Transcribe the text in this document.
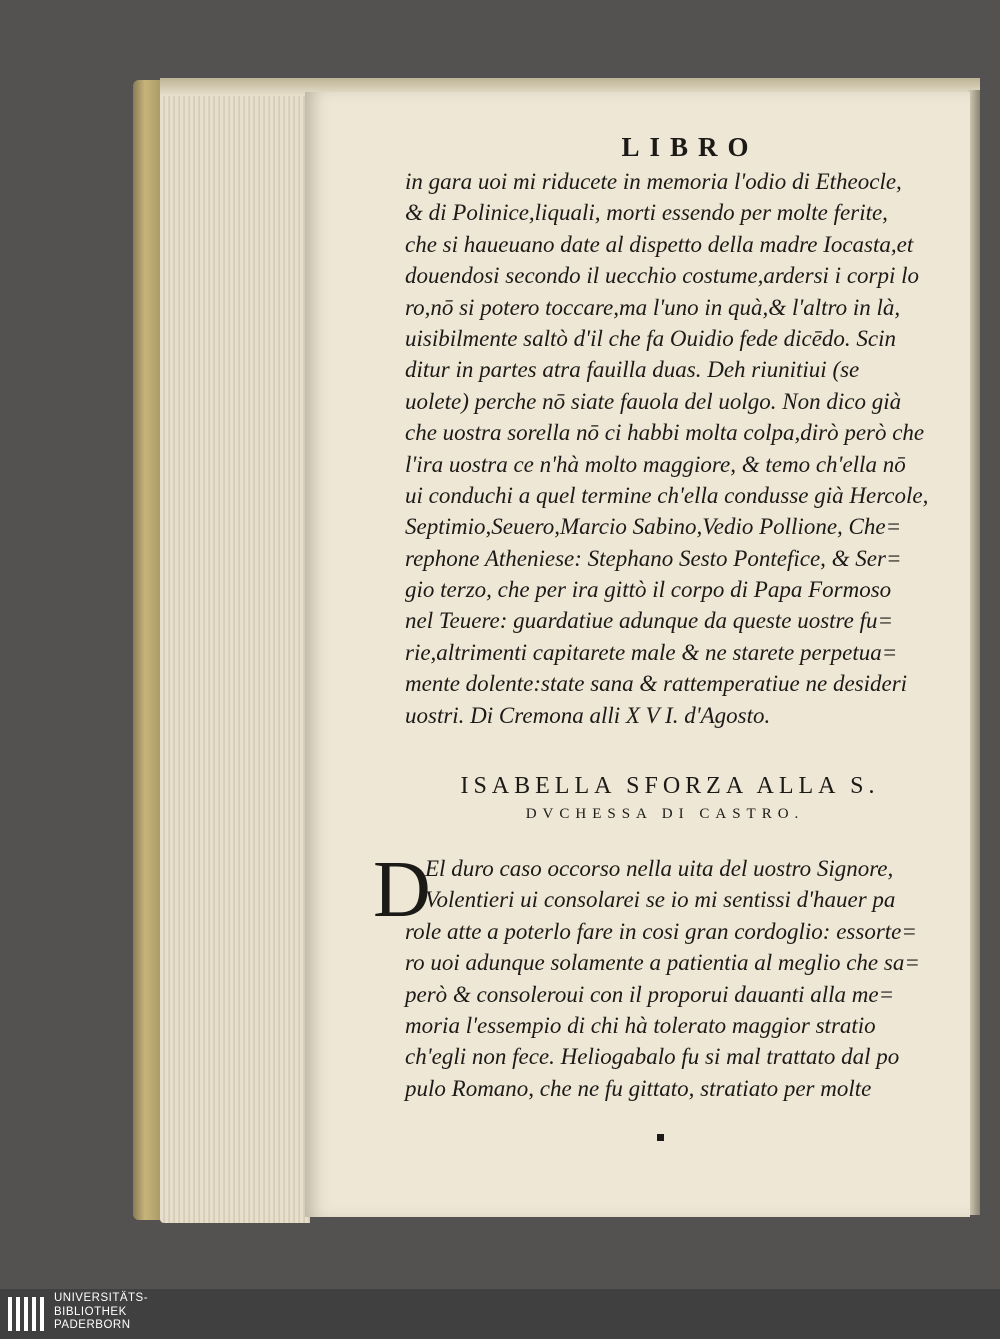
LIBRO
in gara uoi mi riducete in memoria l'odio di Etheocle,
& di Polinice,liquali, morti essendo per molte ferite,
che si haueuano date al dispetto della madre Iocasta,et
douendosi secondo il uecchio costume,ardersi i corpi lo
ro,nō si potero toccare,ma l'uno in quà,& l'altro in là,
uisibilmente saltò d'il che fa Ouidio fede dicēdo. Scin
ditur in partes atra fauilla duas. Deh riunitiui (se
uolete) perche nō siate fauola del uolgo. Non dico già
che uostra sorella nō ci habbi molta colpa,dirò però che
l'ira uostra ce n'hà molto maggiore, & temo ch'ella nō
ui conduchi a quel termine ch'ella condusse già Hercole,
Septimio,Seuero,Marcio Sabino,Vedio Pollione, Che=
rephone Atheniese: Stephano Sesto Pontefice, & Ser=
gio terzo, che per ira gittò il corpo di Papa Formoso
nel Teuere: guardatiue adunque da queste uostre fu=
rie,altrimenti capitarete male & ne starete perpetua=
mente dolente:state sana & rattemperatiue ne desideri
uostri. Di Cremona alli X V I. d'Agosto.
ISABELLA SFORZA ALLA S.
DVCHESSA DI CASTRO.
D
El duro caso occorso nella uita del uostro Signore,
Volentieri ui consolarei se io mi sentissi d'hauer pa
role atte a poterlo fare in cosi gran cordoglio: essorte=
ro uoi adunque solamente a patientia al meglio che sa=
però & consoleroui con il proporui dauanti alla me=
moria l'essempio di chi hà tolerato maggior stratio
ch'egli non fece. Heliogabalo fu si mal trattato dal po
pulo Romano, che ne fu gittato, stratiato per molte
UNIVERSITÄTS-
BIBLIOTHEK
PADERBORN
